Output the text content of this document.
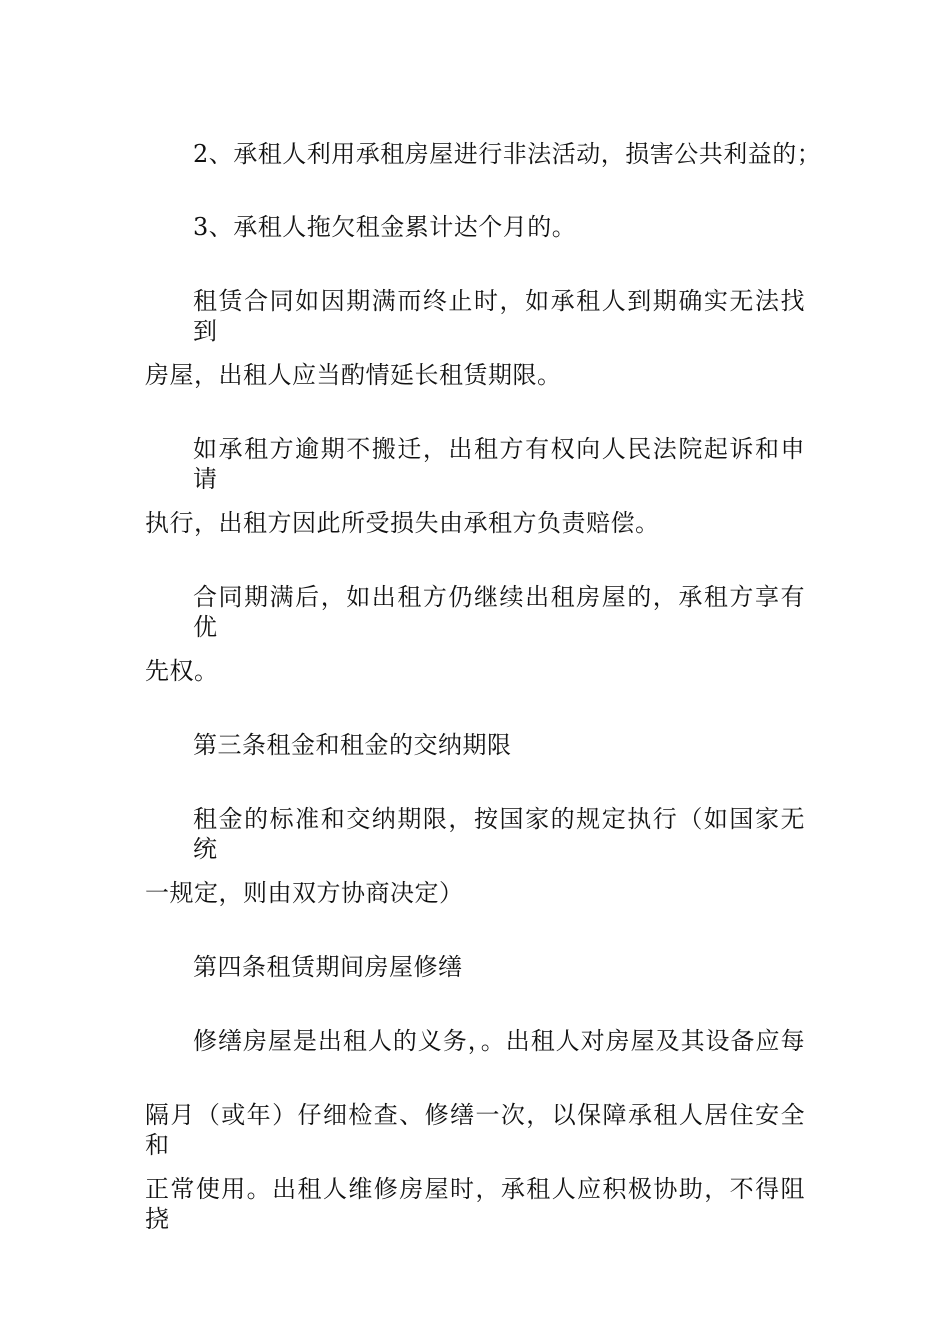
2、承租人利用承租房屋进行非法活动，损害公共利益的；
3、承租人拖欠租金累计达个月的。
租赁合同如因期满而终止时，如承租人到期确实无法找到
房屋，出租人应当酌情延长租赁期限。
如承租方逾期不搬迁，出租方有权向人民法院起诉和申请
执行，出租方因此所受损失由承租方负责赔偿。
合同期满后，如出租方仍继续出租房屋的，承租方享有优
先权。
第三条租金和租金的交纳期限
租金的标准和交纳期限，按国家的规定执行（如国家无统
一规定，则由双方协商决定）
第四条租赁期间房屋修缮
修缮房屋是出租人的义务，。出租人对房屋及其设备应每
隔月（或年）仔细检查、修缮一次，以保障承租人居住安全和
正常使用。出租人维修房屋时，承租人应积极协助，不得阻挠
